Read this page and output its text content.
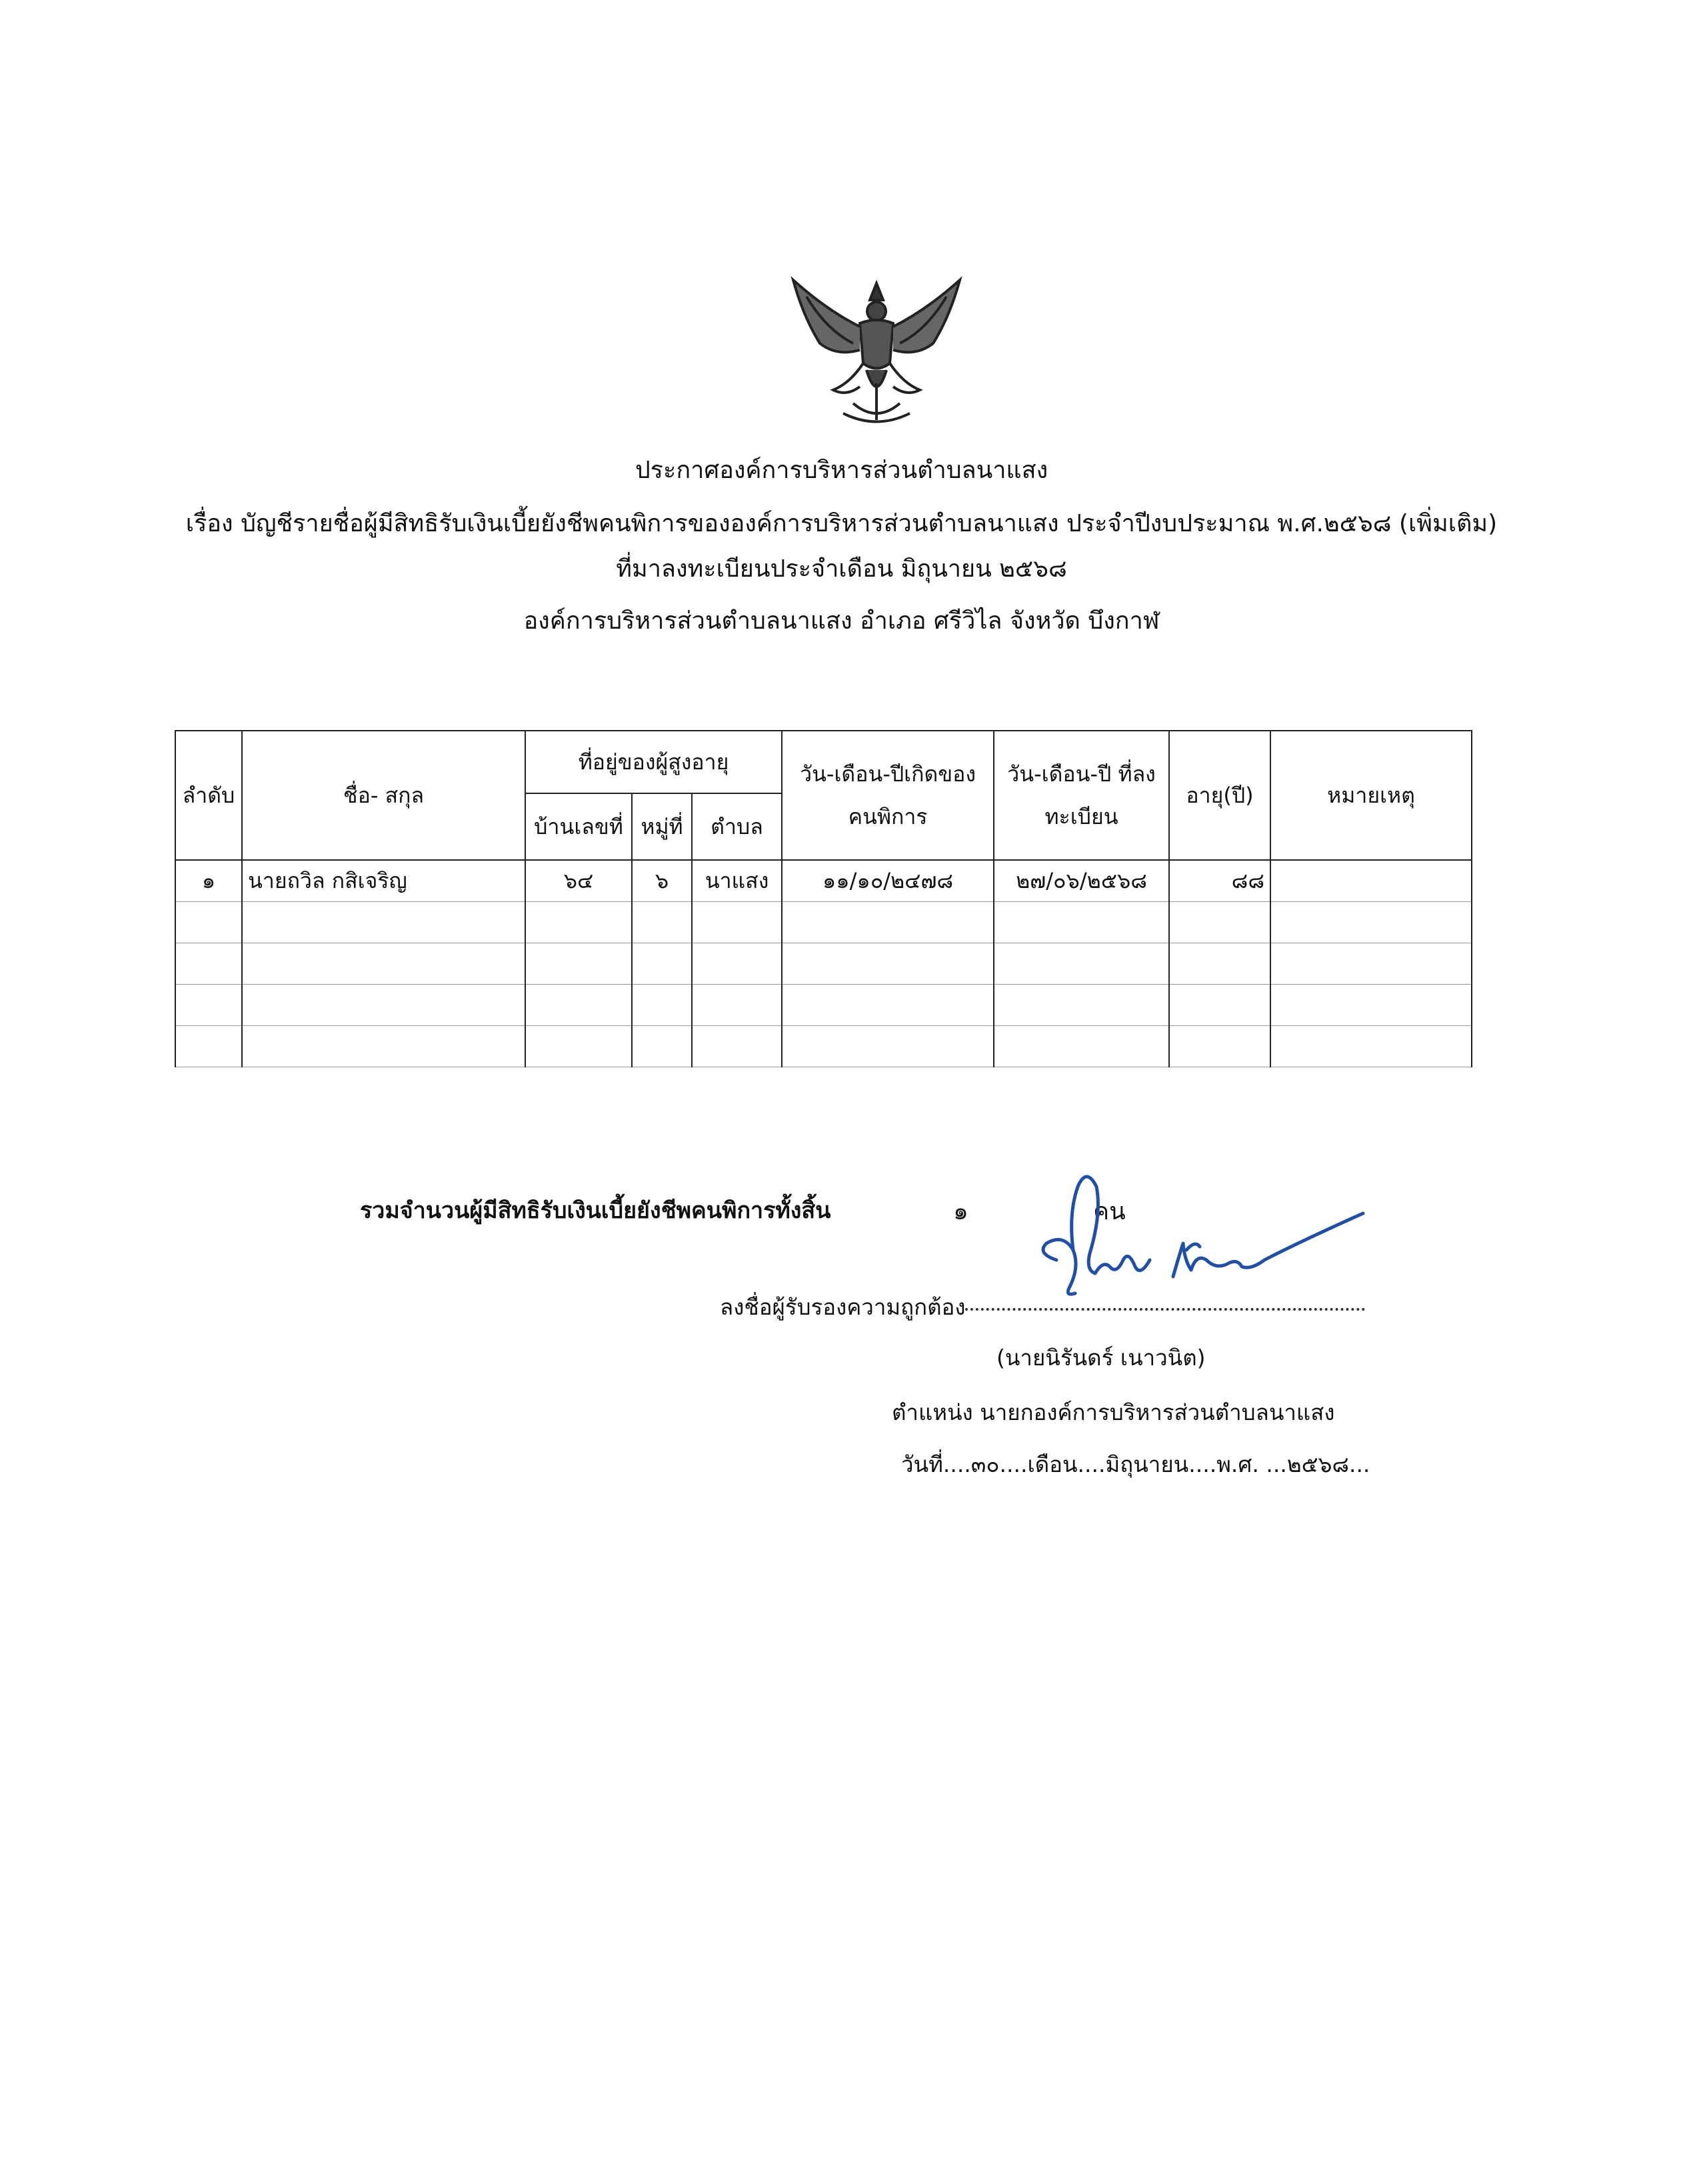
ประกาศองค์การบริหารส่วนตำบลนาแสง
เรื่อง บัญชีรายชื่อผู้มีสิทธิรับเงินเบี้ยยังชีพคนพิการขององค์การบริหารส่วนตำบลนาแสง ประจำปีงบประมาณ พ.ศ.๒๕๖๘ (เพิ่มเติม)
ที่มาลงทะเบียนประจำเดือน มิถุนายน ๒๕๖๘
องค์การบริหารส่วนตำบลนาแสง อำเภอ ศรีวิไล จังหวัด บึงกาฬ
ลำดับ	ชื่อ- สกุล	ที่อยู่ของผู้สูงอายุ			วัน-เดือน-ปีเกิดของคนพิการ	วัน-เดือน-ปี ที่ลงทะเบียน	อายุ(ปี)	หมายเหตุ
		บ้านเลขที่	หมู่ที่	ตำบล				
๑	นายถวิล กสิเจริญ	๖๔	๖	นาแสง	๑๑/๑๐/๒๔๗๘	๒๗/๐๖/๒๕๖๘	๘๘	

รวมจำนวนผู้มีสิทธิรับเงินเบี้ยยังชีพคนพิการทั้งสิ้น	๑	คน
ลงชื่อผู้รับรองความถูกต้อง
(นายนิรันดร์ เนาวนิต)
ตำแหน่ง นายกองค์การบริหารส่วนตำบลนาแสง
วันที่....๓๐....เดือน....มิถุนายน....พ.ศ. ...๒๕๖๘...
